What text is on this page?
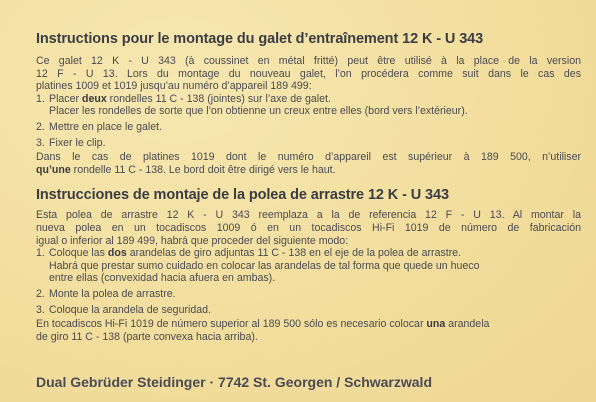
Instructions pour le montage du galet d’entraînement 12 K - U 343

Ce galet 12 K - U 343 (à coussinet en métal fritté) peut être utilisé à la place de la version
12 F - U 13. Lors du montage du nouveau galet, l’on procédera comme suit dans le cas des
platines 1009 et 1019 jusqu’au numéro d’appareil 189 499:

1. Placer deux rondelles 11 C - 138 (jointes) sur l’axe de galet.
Placer les rondelles de sorte que l’on obtienne un creux entre elles (bord vers l’extérieur).
2. Mettre en place le galet.
3. Fixer le clip.

Dans le cas de platines 1019 dont le numéro d’appareil est supérieur à 189 500, n’utiliser
qu’une rondelle 11 C - 138. Le bord doit être dirigé vers le haut.

Instrucciones de montaje de la polea de arrastre 12 K - U 343

Esta polea de arrastre 12 K - U 343 reemplaza a la de referencia 12 F - U 13. Al montar la
nueva polea en un tocadiscos 1009 ó en un tocadiscos Hi-Fi 1019 de número de fabricación
igual o inferior al 189 499, habrá que proceder del siguiente modo:

1. Coloque las dos arandelas de giro adjuntas 11 C - 138 en el eje de la polea de arrastre.
Habrá que prestar sumo cuidado en colocar las arandelas de tal forma que quede un hueco
entre ellas (convexidad hacia afuera en ambas).
2. Monte la polea de arrastre.
3. Coloque la arandela de seguridad.

En tocadiscos Hi-Fi 1019 de número superior al 189 500 sólo es necesario colocar una arandela
de giro 11 C - 138 (parte convexa hacia arriba).

Dual Gebrüder Steidinger · 7742 St. Georgen / Schwarzwald
